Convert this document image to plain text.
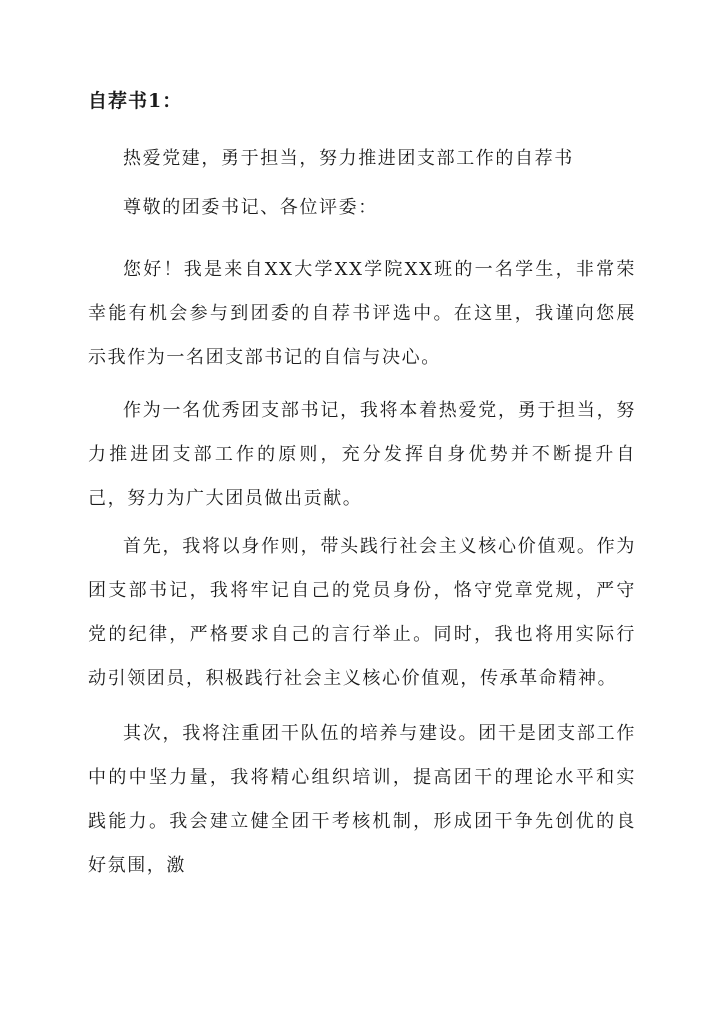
自荐书1：

热爱党建，勇于担当，努力推进团支部工作的自荐书

尊敬的团委书记、各位评委：

您好！我是来自XX大学XX学院XX班的一名学生，非常荣幸能有机会参与到团委的自荐书评选中。在这里，我谨向您展示我作为一名团支部书记的自信与决心。

作为一名优秀团支部书记，我将本着热爱党，勇于担当，努力推进团支部工作的原则，充分发挥自身优势并不断提升自己，努力为广大团员做出贡献。

首先，我将以身作则，带头践行社会主义核心价值观。作为团支部书记，我将牢记自己的党员身份，恪守党章党规，严守党的纪律，严格要求自己的言行举止。同时，我也将用实际行动引领团员，积极践行社会主义核心价值观，传承革命精神。

其次，我将注重团干队伍的培养与建设。团干是团支部工作中的中坚力量，我将精心组织培训，提高团干的理论水平和实践能力。我会建立健全团干考核机制，形成团干争先创优的良好氛围，激
